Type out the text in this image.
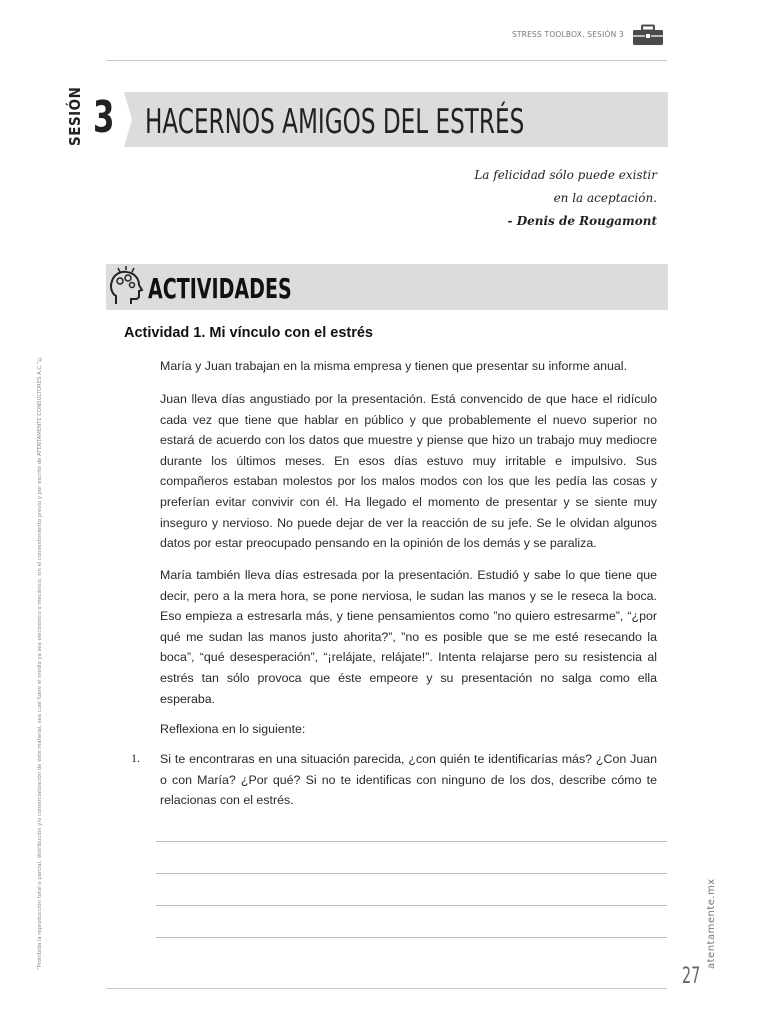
STRESS TOOLBOX. SESIÓN 3
SESIÓN 3 HACERNOS AMIGOS DEL ESTRÉS
La felicidad sólo puede existir
en la aceptación.
- Denis de Rougamont
ACTIVIDADES
Actividad 1. Mi vínculo con el estrés

María y Juan trabajan en la misma empresa y tienen que presentar su informe anual.

Juan lleva días angustiado por la presentación. Está convencido de que hace el ridículo cada vez que tiene que hablar en público y que probablemente el nuevo superior no estará de acuerdo con los datos que muestre y piense que hizo un trabajo muy mediocre durante los últimos meses. En esos días estuvo muy irritable e impulsivo. Sus compañeros estaban molestos por los malos modos con los que les pedía las cosas y preferían evitar convivir con él. Ha llegado el momento de presentar y se siente muy inseguro y nervioso. No puede dejar de ver la reacción de su jefe. Se le olvidan algunos datos por estar preocupado pensando en la opinión de los demás y se paraliza.

María también lleva días estresada por la presentación. Estudió y sabe lo que tiene que decir, pero a la mera hora, se pone nerviosa, le sudan las manos y se le reseca la boca. Eso empieza a estresarla más, y tiene pensamientos como ”no quiero estresarme”, “¿por qué me sudan las manos justo ahorita?”, ”no es posible que se me esté resecando la boca”, “qué desesperación”, “¡relájate, relájate!”. Intenta relajarse pero su resistencia al estrés tan sólo provoca que éste empeore y su presentación no salga como ella esperaba.

Reflexiona en lo siguiente:

1. Si te encontraras en una situación parecida, ¿con quién te identificarías más? ¿Con Juan o con María? ¿Por qué? Si no te identificas con ninguno de los dos, describe cómo te relacionas con el estrés.

27
atentamente.mx
“Prohibida la reproducción total o parcial, distribución y/o comercialización de este material, sea cual fuere el medio ya sea electrónico o mecánico, sin el consentimiento previo y por escrito de ATENTAMENTE CONSULTORES A.C.”©
